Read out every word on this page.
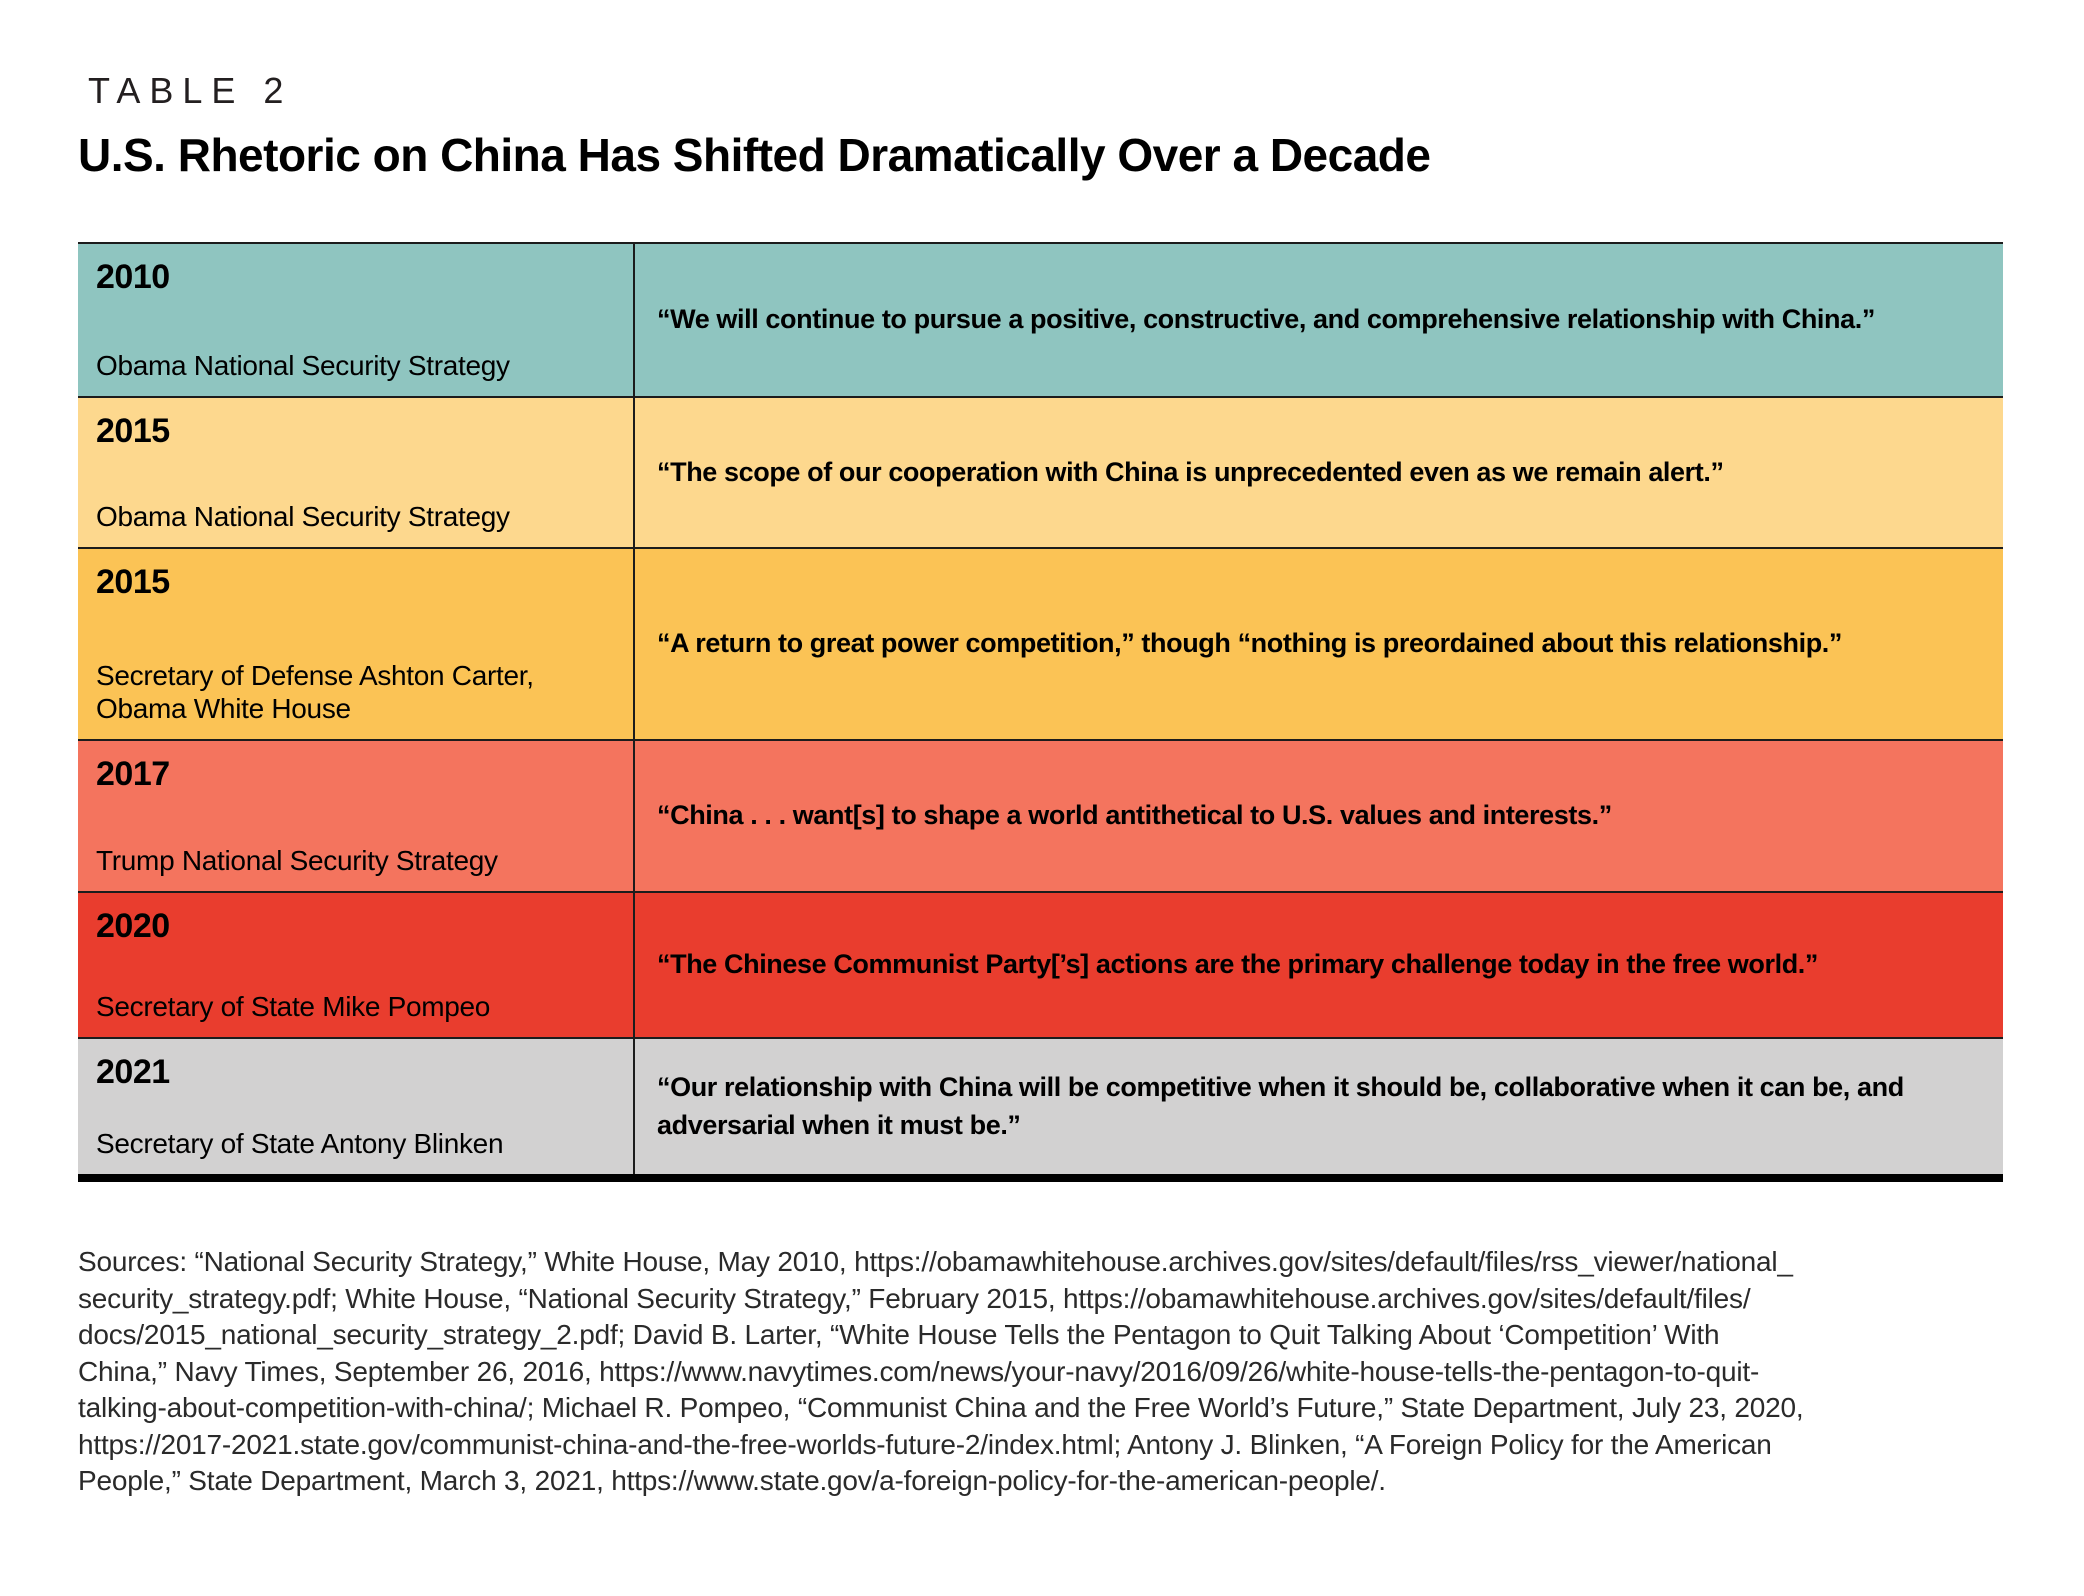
TABLE 2
U.S. Rhetoric on China Has Shifted Dramatically Over a Decade
2010
Obama National Security Strategy
“We will continue to pursue a positive, constructive, and comprehensive relationship with China.”
2015
Obama National Security Strategy
“The scope of our cooperation with China is unprecedented even as we remain alert.”
2015
Secretary of Defense Ashton Carter, Obama White House
“A return to great power competition,” though “nothing is preordained about this relationship.”
2017
Trump National Security Strategy
“China . . . want[s] to shape a world antithetical to U.S. values and interests.”
2020
Secretary of State Mike Pompeo
“The Chinese Communist Party[’s] actions are the primary challenge today in the free world.”
2021
Secretary of State Antony Blinken
“Our relationship with China will be competitive when it should be, collaborative when it can be, and adversarial when it must be.”
Sources: “National Security Strategy,” White House, May 2010, https://obamawhitehouse.archives.gov/sites/default/files/rss_viewer/national_
security_strategy.pdf; White House, “National Security Strategy,” February 2015, https://obamawhitehouse.archives.gov/sites/default/files/
docs/2015_national_security_strategy_2.pdf; David B. Larter, “White House Tells the Pentagon to Quit Talking About ‘Competition’ With
China,” Navy Times, September 26, 2016, https://www.navytimes.com/news/your-navy/2016/09/26/white-house-tells-the-pentagon-to-quit-
talking-about-competition-with-china/; Michael R. Pompeo, “Communist China and the Free World’s Future,” State Department, July 23, 2020,
https://2017-2021.state.gov/communist-china-and-the-free-worlds-future-2/index.html; Antony J. Blinken, “A Foreign Policy for the American
People,” State Department, March 3, 2021, https://www.state.gov/a-foreign-policy-for-the-american-people/.
